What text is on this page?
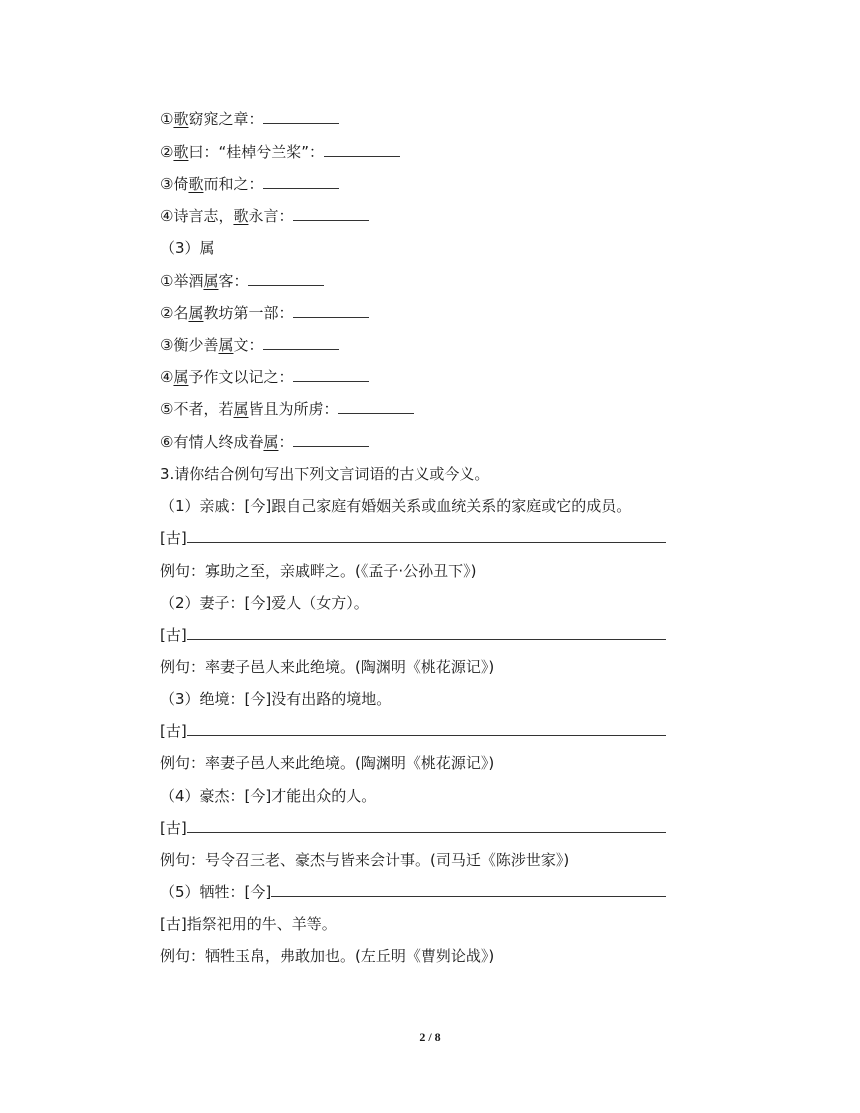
①歌窈窕之章：
②歌曰：“桂棹兮兰桨”：
③倚歌而和之：
④诗言志，歌永言：
（3）属
①举酒属客：
②名属教坊第一部：
③衡少善属文：
④属予作文以记之：
⑤不者，若属皆且为所虏：
⑥有情人终成眷属：
3.请你结合例句写出下列文言词语的古义或今义。
（1）亲戚：[今]跟自己家庭有婚姻关系或血统关系的家庭或它的成员。
[古]
例句：寡助之至，亲戚畔之。(《孟子·公孙丑下》)
（2）妻子：[今]爱人（女方）。
[古]
例句：率妻子邑人来此绝境。(陶渊明《桃花源记》)
（3）绝境：[今]没有出路的境地。
[古]
例句：率妻子邑人来此绝境。(陶渊明《桃花源记》)
（4）豪杰：[今]才能出众的人。
[古]
例句：号令召三老、豪杰与皆来会计事。(司马迁《陈涉世家》)
（5）牺牲：[今]
[古]指祭祀用的牛、羊等。
例句：牺牲玉帛，弗敢加也。(左丘明《曹刿论战》)
2 / 8
